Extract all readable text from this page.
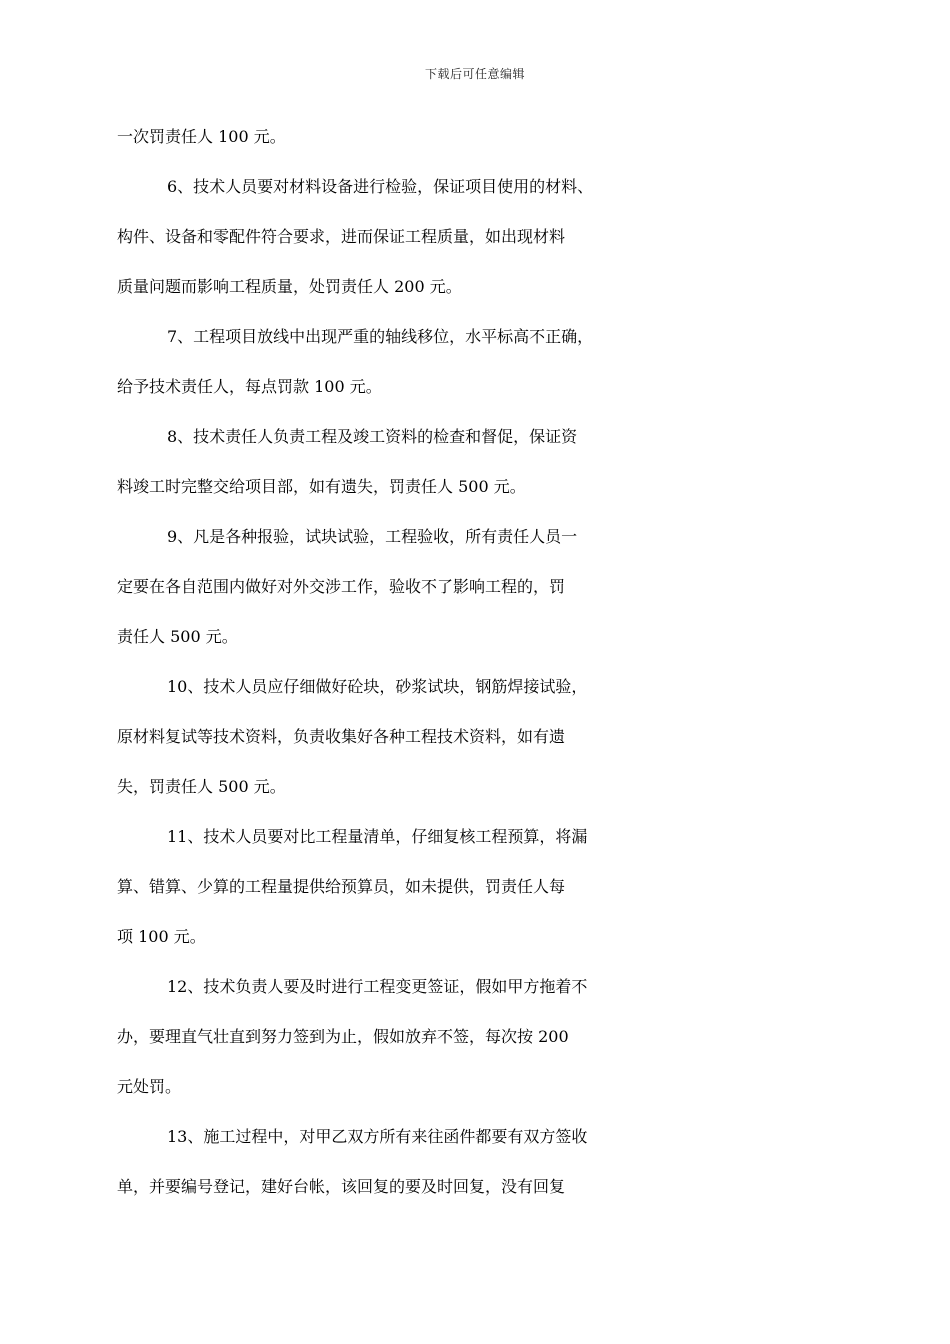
下载后可任意编辑
一次罚责任人 100 元。
6、技术人员要对材料设备进行检验，保证项目使用的材料、
构件、设备和零配件符合要求，进而保证工程质量，如出现材料
质量问题而影响工程质量，处罚责任人 200 元。
7、工程项目放线中出现严重的轴线移位，水平标高不正确，
给予技术责任人，每点罚款 100 元。
8、技术责任人负责工程及竣工资料的检查和督促，保证资
料竣工时完整交给项目部，如有遗失，罚责任人 500 元。
9、凡是各种报验，试块试验，工程验收，所有责任人员一
定要在各自范围内做好对外交涉工作，验收不了影响工程的，罚
责任人 500 元。
10、技术人员应仔细做好砼块，砂浆试块，钢筋焊接试验，
原材料复试等技术资料，负责收集好各种工程技术资料，如有遗
失，罚责任人 500 元。
11、技术人员要对比工程量清单，仔细复核工程预算，将漏
算、错算、少算的工程量提供给预算员，如未提供，罚责任人每
项 100 元。
12、技术负责人要及时进行工程变更签证，假如甲方拖着不
办，要理直气壮直到努力签到为止，假如放弃不签，每次按 200
元处罚。
13、施工过程中，对甲乙双方所有来往函件都要有双方签收
单，并要编号登记，建好台帐，该回复的要及时回复，没有回复
